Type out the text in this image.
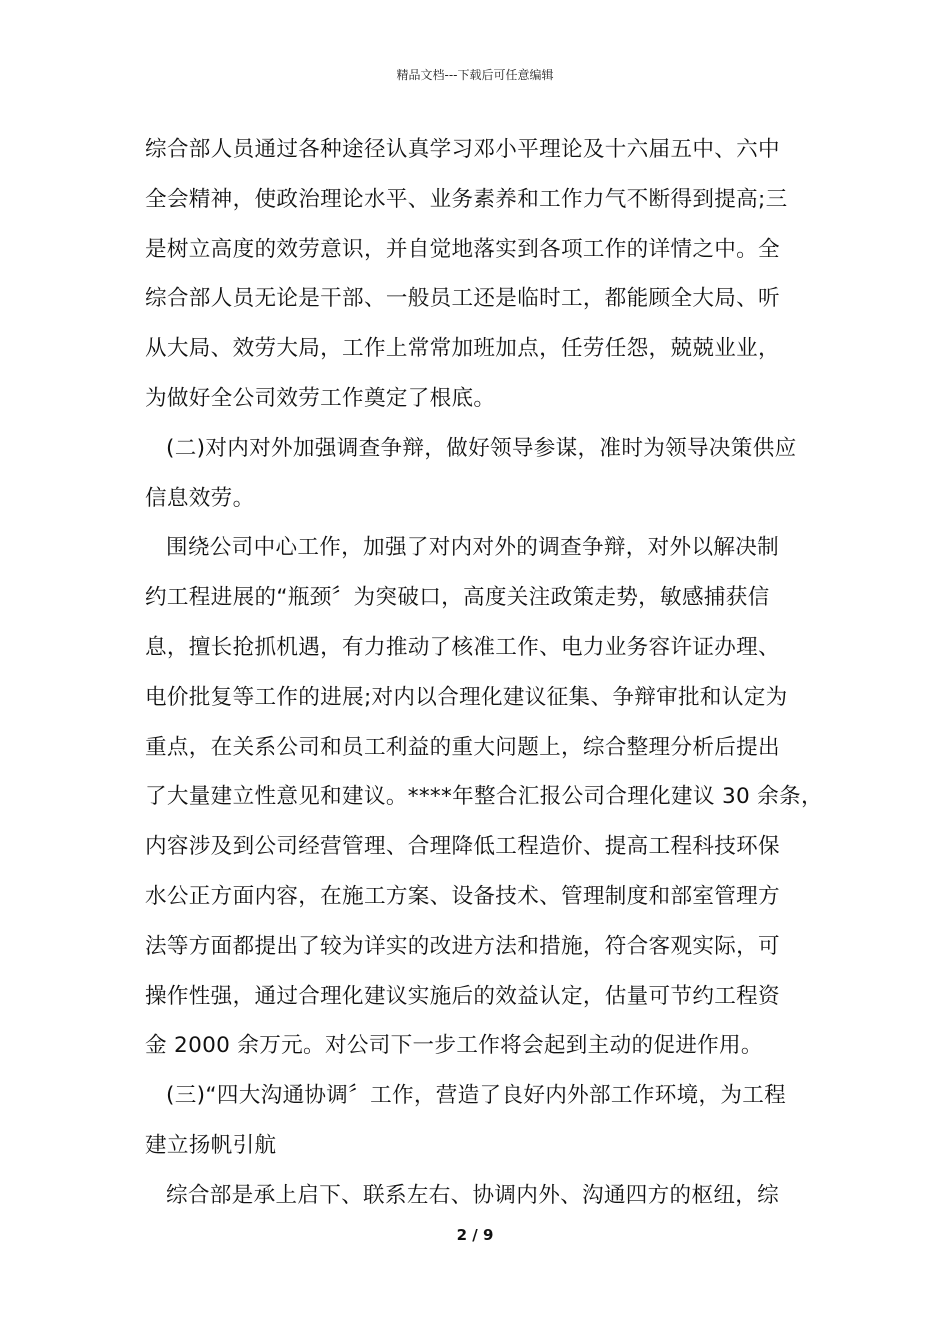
精品文档---下载后可任意编辑
综合部人员通过各种途径认真学习邓小平理论及十六届五中、六中
全会精神，使政治理论水平、业务素养和工作力气不断得到提高;三
是树立高度的效劳意识，并自觉地落实到各项工作的详情之中。全
综合部人员无论是干部、一般员工还是临时工，都能顾全大局、听
从大局、效劳大局，工作上常常加班加点，任劳任怨，兢兢业业，
为做好全公司效劳工作奠定了根底。
(二)对内对外加强调查争辩，做好领导参谋，准时为领导决策供应
信息效劳。
围绕公司中心工作，加强了对内对外的调查争辩，对外以解决制
约工程进展的“瓶颈〞为突破口，高度关注政策走势，敏感捕获信
息，擅长抢抓机遇，有力推动了核准工作、电力业务容许证办理、
电价批复等工作的进展;对内以合理化建议征集、争辩审批和认定为
重点，在关系公司和员工利益的重大问题上，综合整理分析后提出
了大量建立性意见和建议。****年整合汇报公司合理化建议 30 余条，
内容涉及到公司经营管理、合理降低工程造价、提高工程科技环保
水公正方面内容，在施工方案、设备技术、管理制度和部室管理方
法等方面都提出了较为详实的改进方法和措施，符合客观实际，可
操作性强，通过合理化建议实施后的效益认定，估量可节约工程资
金 2000 余万元。对公司下一步工作将会起到主动的促进作用。
(三)“四大沟通协调〞工作，营造了良好内外部工作环境，为工程
建立扬帆引航
综合部是承上启下、联系左右、协调内外、沟通四方的枢纽，综
2 / 9
